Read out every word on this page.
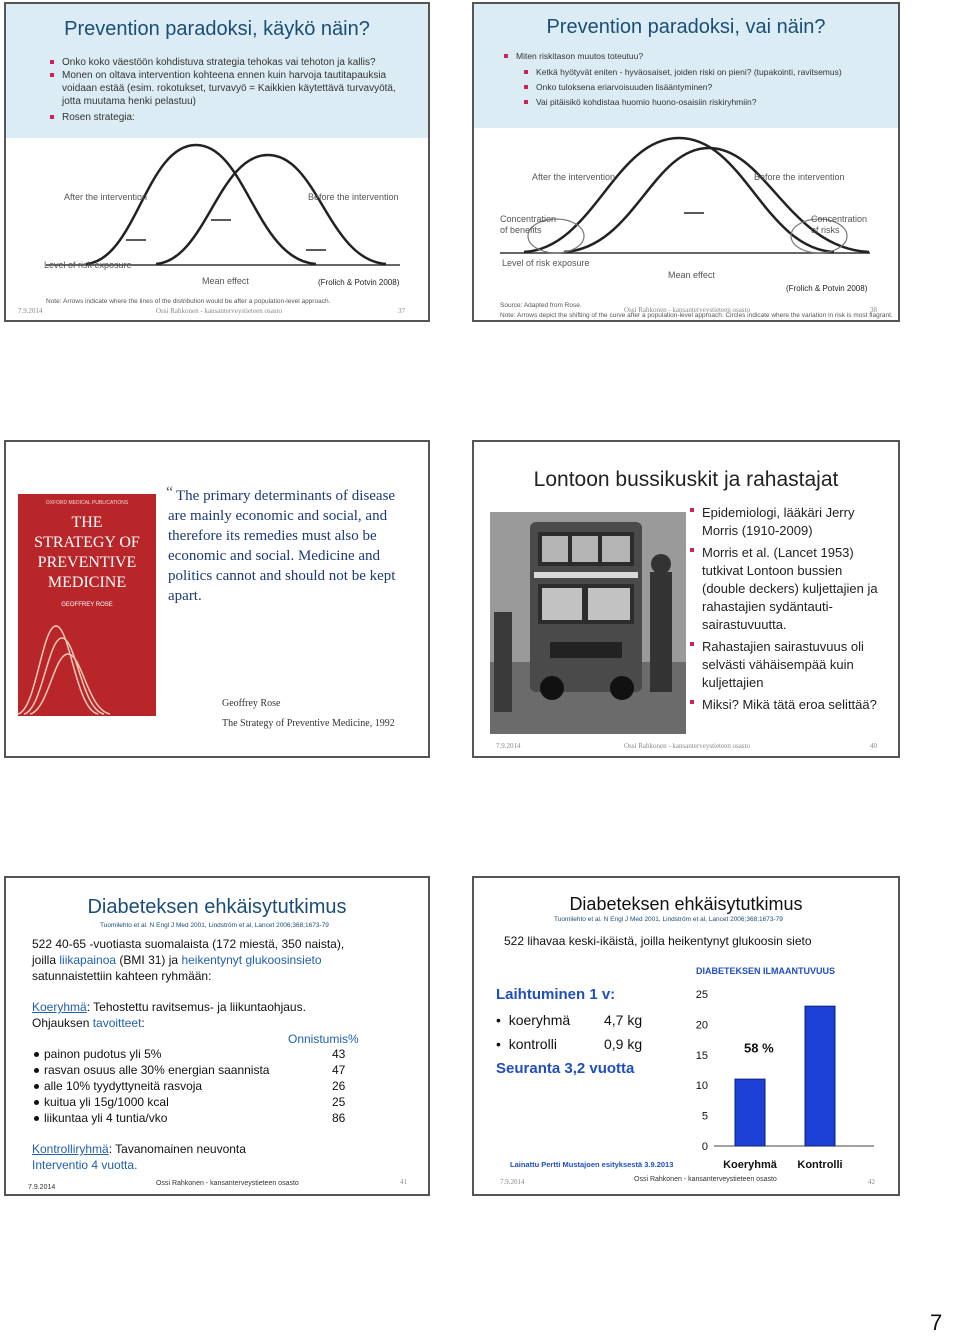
Prevention paradoksi, käykö näin?
Onko koko väestöön kohdistuva strategia tehokas vai tehoton ja kallis?
Monen on oltava intervention kohteena ennen kuin harvoja tautitapauksia voidaan estää (esim. rokotukset, turvavyö = Kaikkien käytettävä turvavyötä, jotta muutama henki pelastuu)
Rosen strategia:
After the intervention	Before the intervention
Level of risk exposure
Mean effect	(Frolich & Potvin 2008)
Note: Arrows indicate where the lines of the distribution would be after a population-level approach.
7.9.2014	Ossi Rahkonen - kansanterveystieteen osasto	37
Prevention paradoksi, vai näin?
Miten riskitason muutos toteutuu?
Ketkä hyötyvät eniten - hyväosaiset, joiden riski on pieni? (tupakointi, ravitsemus)
Onko tuloksena eriarvoisuuden lisääntyminen?
Vai pitäisikö kohdistaa huomio huono-osaisiin riskiryhmiin?
After the intervention	Before the intervention
Concentration of benefits
Concentration of risks
Level of risk exposure
Mean effect
(Frolich & Potvin 2008)
Source: Adapted from Rose.
Note: Arrows depict the shifting of the curve after a population-level approach. Circles indicate where the variation in risk is most flagrant.
Ossi Rahkonen - kansanterveystieteen osasto	38
OXFORD MEDICAL PUBLICATIONS
THE
STRATEGY OF
PREVENTIVE
MEDICINE
GEOFFREY ROSE
“ The primary determinants of disease are mainly economic and social, and therefore its remedies must also be economic and social. Medicine and politics cannot and should not be kept apart.
Geoffrey Rose
The Strategy of Preventive Medicine, 1992
Lontoon bussikuskit ja rahastajat
Epidemiologi, lääkäri Jerry Morris (1910-2009)
Morris et al. (Lancet 1953) tutkivat Lontoon bussien (double deckers) kuljettajien ja rahastajien sydäntauti-sairastuvuutta.
Rahastajien sairastuvuus oli selvästi vähäisempää kuin kuljettajien
Miksi? Mikä tätä eroa selittää?
7.9.2014	Ossi Rahkonen - kansanterveystieteen osasto	40
Diabeteksen ehkäisytutkimus
Tuomilehto et al. N Engl J Med 2001, Lindström et al, Lancet 2006;368;1673-79
522 40-65 -vuotiasta suomalaista (172 miestä, 350 naista),
joilla liikapainoa (BMI 31) ja heikentynyt glukoosinsieto
satunnaistettiin kahteen ryhmään:
Koeryhmä: Tehostettu ravitsemus- ja liikuntaohjaus.
Ohjauksen tavoitteet:
Onnistumis%
painon pudotus yli 5%	43
rasvan osuus alle 30% energian saannista	47
alle 10% tyydyttyneitä rasvoja	26
kuitua yli 15g/1000 kcal	25
liikuntaa yli 4 tuntia/vko	86
Kontrolliryhmä: Tavanomainen neuvonta
Interventio 4 vuotta.
7.9.2014
Ossi Rahkonen - kansanterveystieteen osasto	41
Diabeteksen ehkäisytutkimus
Tuomilehto et al. N Engl J Med 2001, Lindström et al, Lancet 2006;368;1673-79
522 lihavaa keski-ikäistä, joilla heikentynyt glukoosin sieto
DIABETEKSEN ILMAANTUVUUS
Laihtuminen 1 v:
•  koeryhmä 4,7 kg
•  kontrolli	0,9 kg
Seuranta 3,2 vuotta
0
5
10
15
20
25
Koeryhmä Kontrolli
58 %
Lainattu Pertti Mustajoen esityksestä 3.9.2013
7.9.2014	Ossi Rahkonen - kansanterveystieteen osasto	42
7
